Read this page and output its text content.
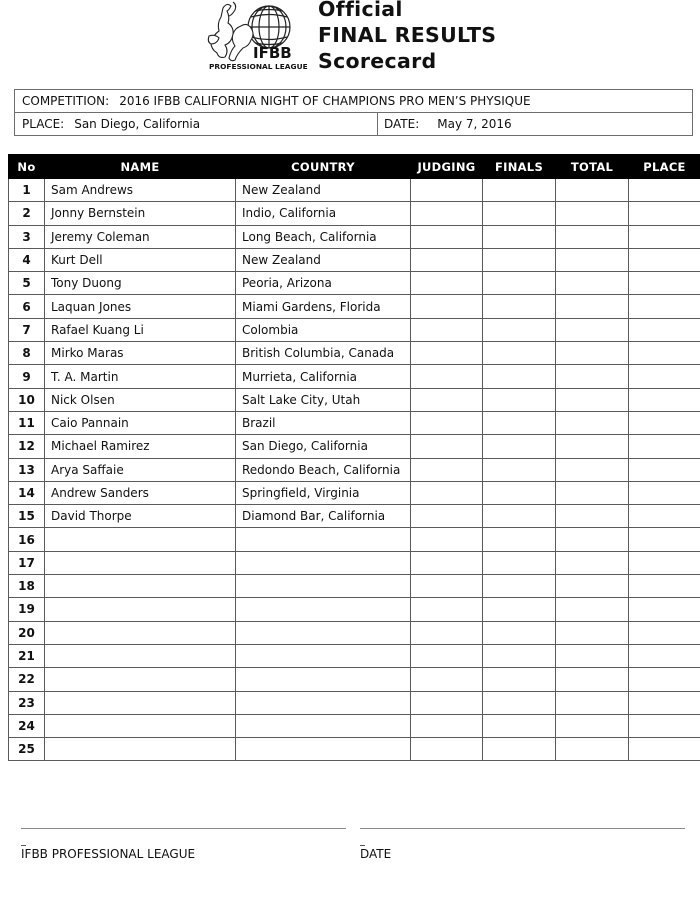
IFBB
PROFESSIONAL LEAGUE
Official
FINAL RESULTS
Scorecard
COMPETITION: 2016 IFBB CALIFORNIA NIGHT OF CHAMPIONS PRO MEN’S PHYSIQUE
PLACE: San Diego, California	DATE: May 7, 2016
No	NAME	COUNTRY	JUDGING	FINALS	TOTAL	PLACE
1	Sam Andrews	New Zealand				
2	Jonny Bernstein	Indio, California				
3	Jeremy Coleman	Long Beach, California				
4	Kurt Dell	New Zealand				
5	Tony Duong	Peoria, Arizona				
6	Laquan Jones	Miami Gardens, Florida				
7	Rafael Kuang Li	Colombia				
8	Mirko Maras	British Columbia, Canada				
9	T. A. Martin	Murrieta, California				
10	Nick Olsen	Salt Lake City, Utah				
11	Caio Pannain	Brazil				
12	Michael Ramirez	San Diego, California				
13	Arya Saffaie	Redondo Beach, California				
14	Andrew Sanders	Springfield, Virginia				
15	David Thorpe	Diamond Bar, California				
16						
17						
18						
19						
20						
21						
22						
23						
24						
25						
IFBB PROFESSIONAL LEAGUE	DATE
